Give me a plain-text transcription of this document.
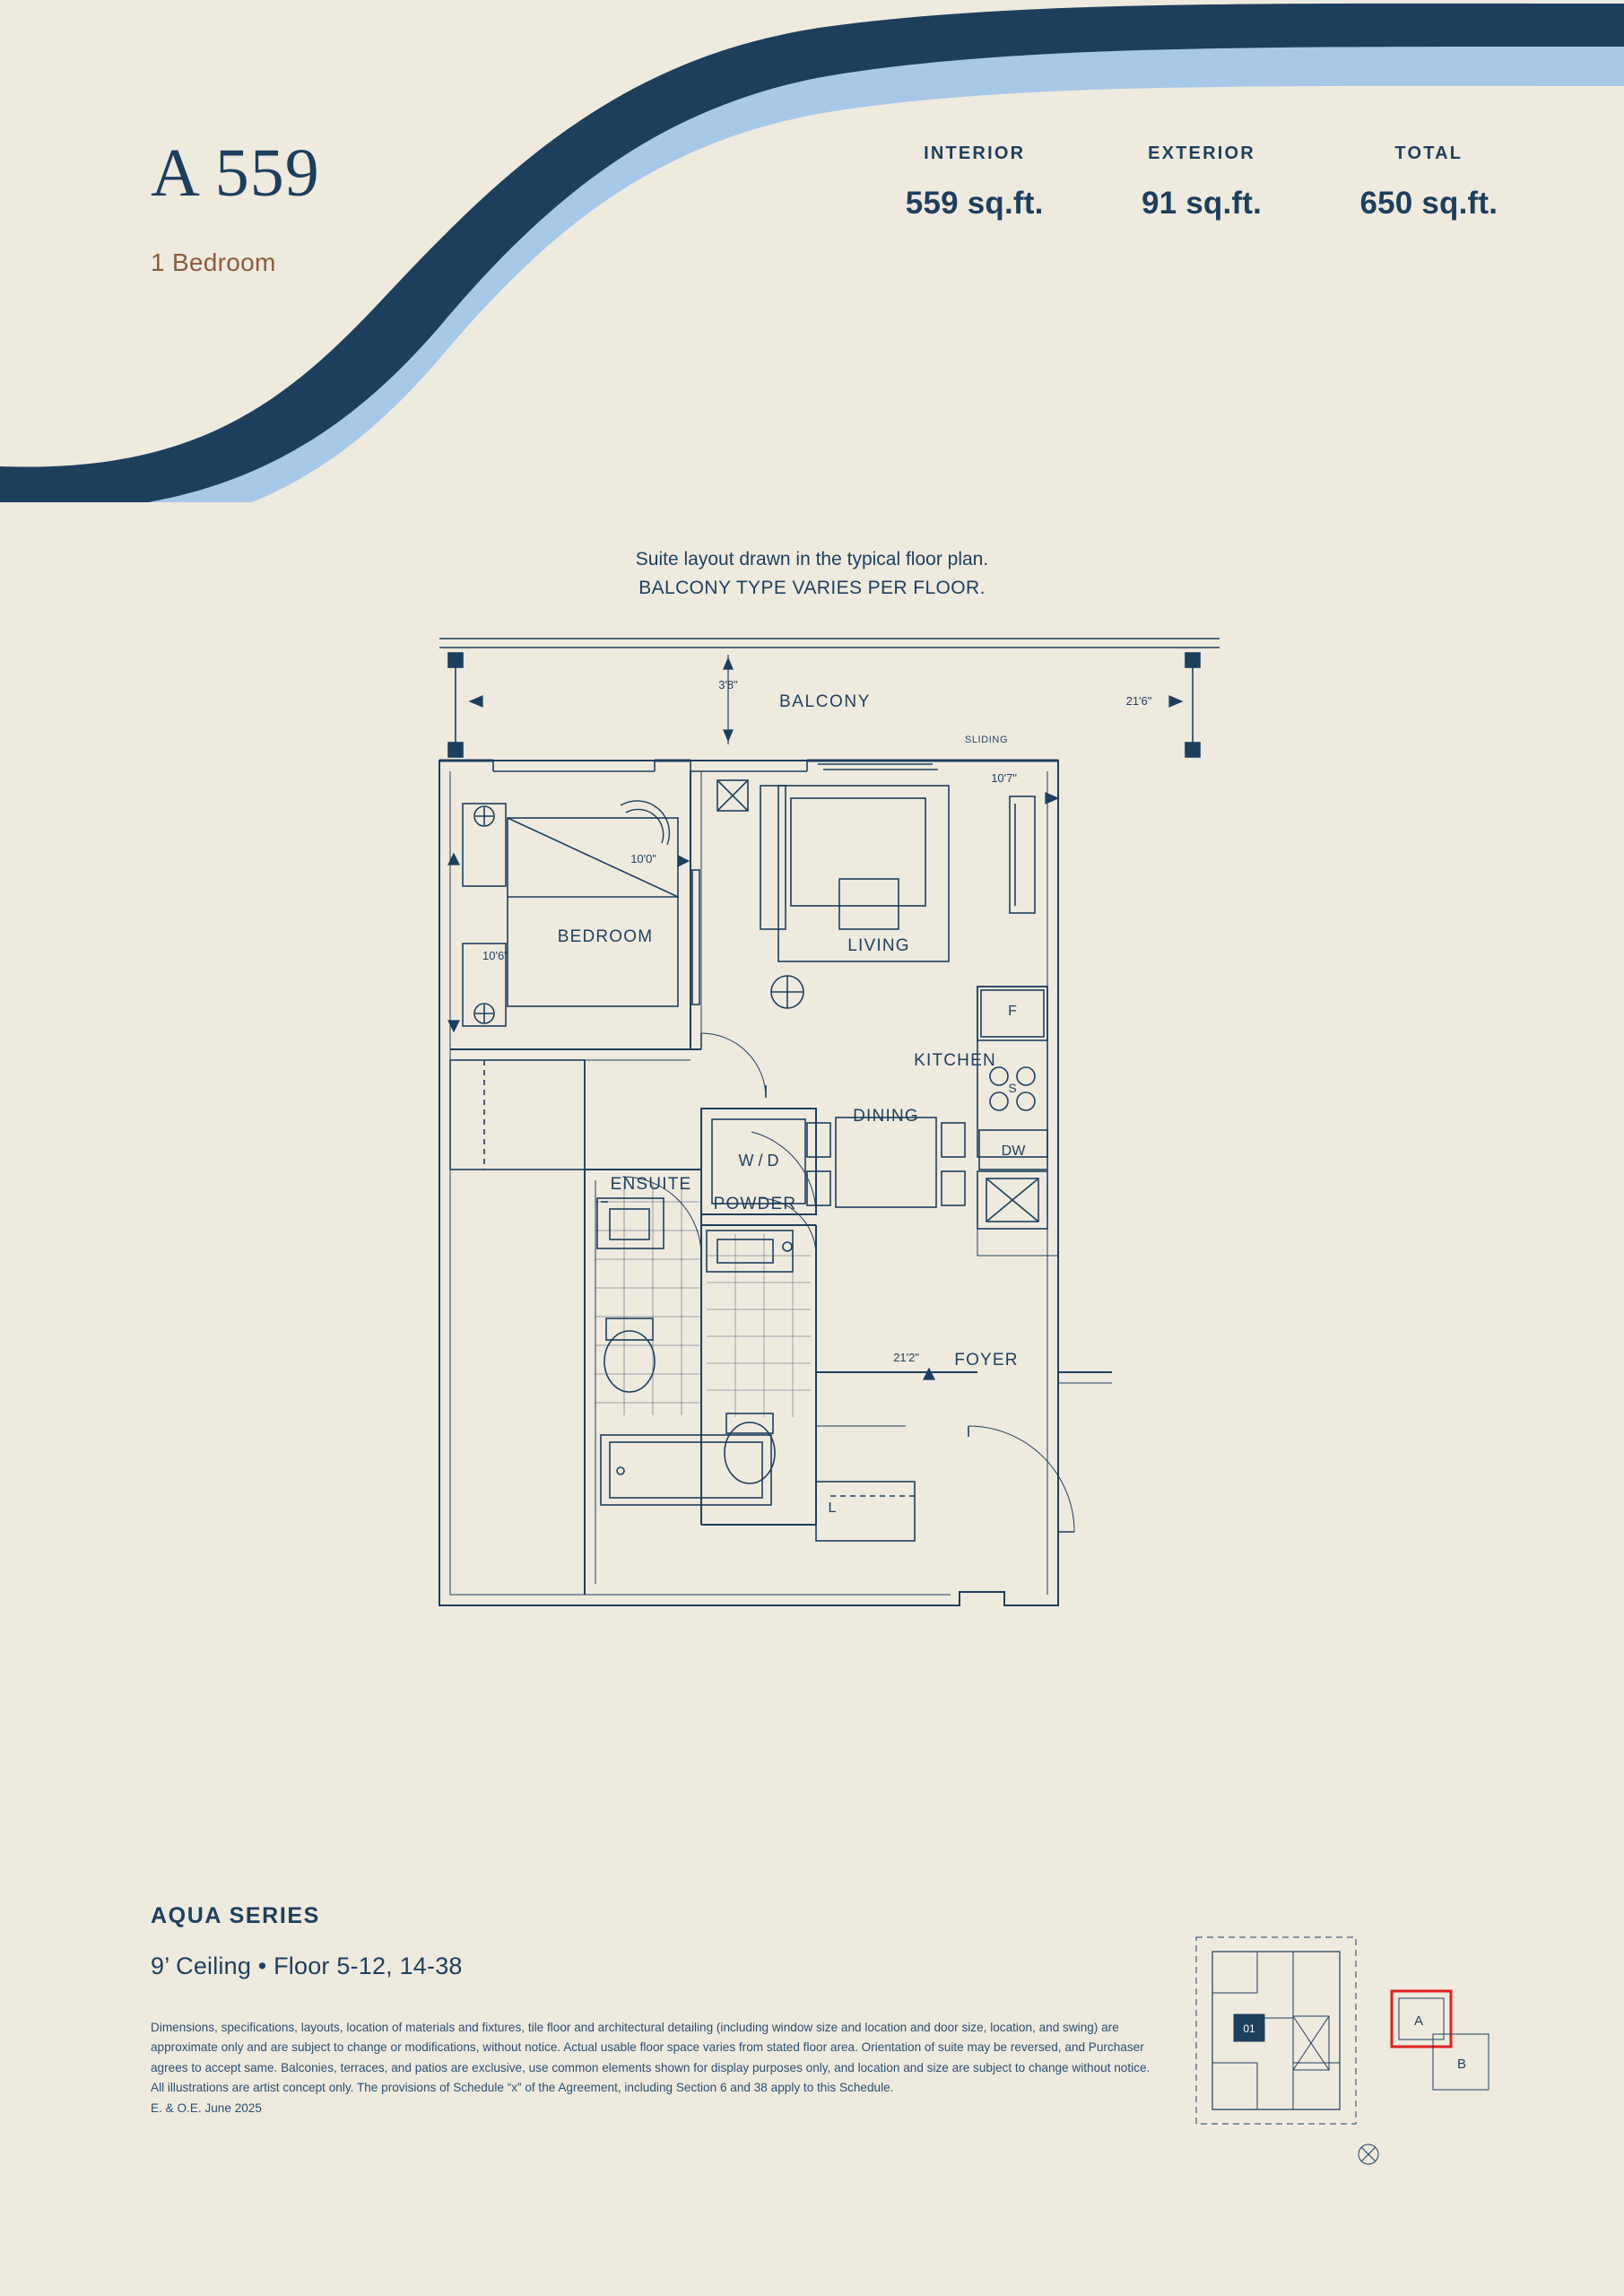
A 559
1 Bedroom
INTERIOR
559 sq.ft.
EXTERIOR
91 sq.ft.
TOTAL
650 sq.ft.
Suite layout drawn in the typical floor plan.
BALCONY TYPE VARIES PER FLOOR.
BALCONY
3'8"
21'6"
BEDROOM	LIVING
KITCHEN
DINING
ENSUITE
POWDER
FOYER
W / D
F
S
DW
L
SLIDING
10'7"
10'0"
10'6"
21'2"
AQUA SERIES
9’ Ceiling • Floor 5-12, 14-38
Dimensions, specifications, layouts, location of materials and fixtures, tile floor and architectural detailing (including window size and location and door size, location, and swing) are approximate only and are subject to change or modifications, without notice. Actual usable floor space varies from stated floor area. Orientation of suite may be reversed, and Purchaser agrees to accept same. Balconies, terraces, and patios are exclusive, use common elements shown for display purposes only, and location and size are subject to change without notice. All illustrations are artist concept only. The provisions of Schedule “x” of the Agreement, including Section 6 and 38 apply to this Schedule.
E. & O.E. June 2025
01	A
B
